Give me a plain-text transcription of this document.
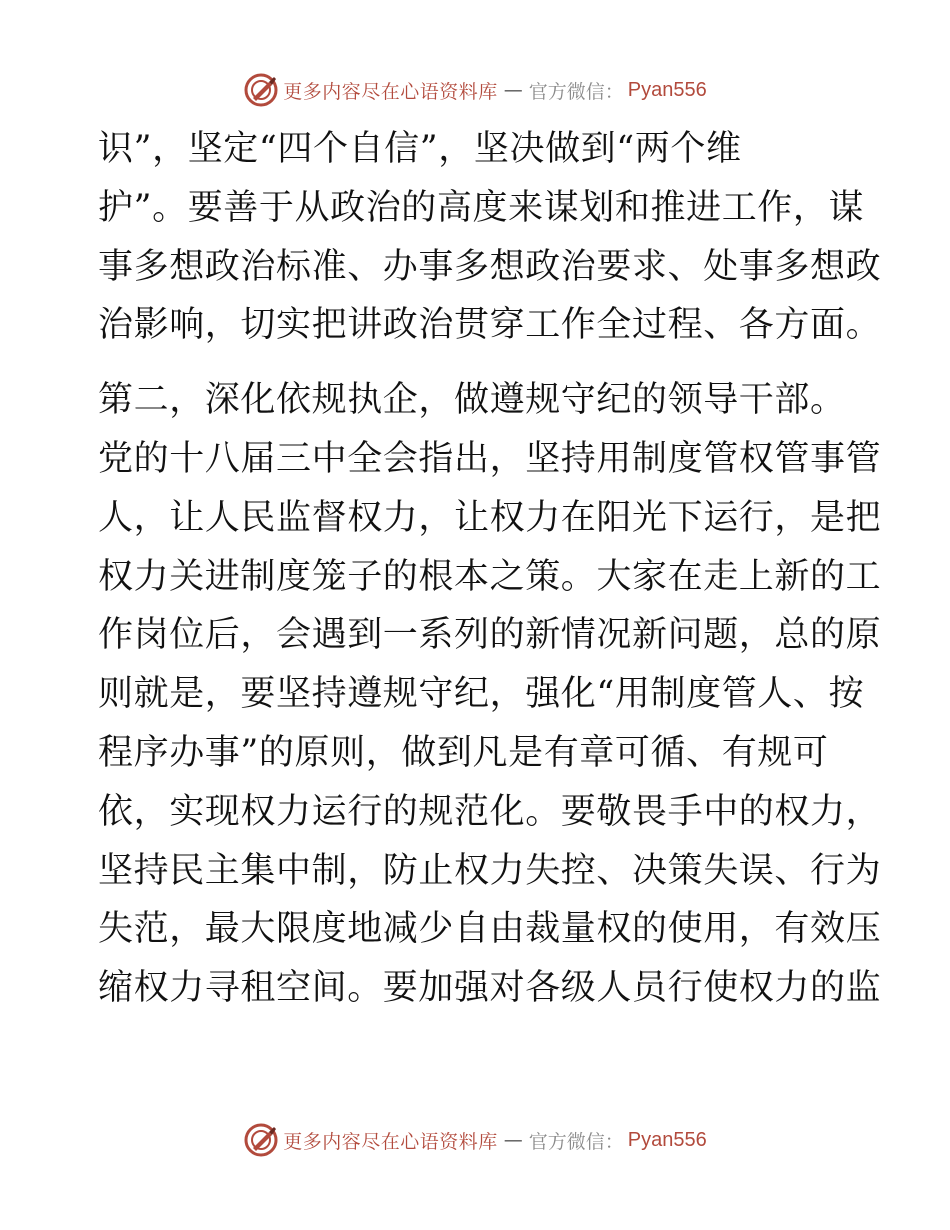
更多内容尽在心语资料库 — 官方微信： Pyan556
识”，坚定“四个自信”，坚决做到“两个维
护”。要善于从政治的高度来谋划和推进工作，谋
事多想政治标准、办事多想政治要求、处事多想政
治影响，切实把讲政治贯穿工作全过程、各方面。
第二，深化依规执企，做遵规守纪的领导干部。
党的十八届三中全会指出，坚持用制度管权管事管
人，让人民监督权力，让权力在阳光下运行，是把
权力关进制度笼子的根本之策。大家在走上新的工
作岗位后，会遇到一系列的新情况新问题，总的原
则就是，要坚持遵规守纪，强化“用制度管人、按
程序办事”的原则，做到凡是有章可循、有规可
依，实现权力运行的规范化。要敬畏手中的权力，
坚持民主集中制，防止权力失控、决策失误、行为
失范，最大限度地减少自由裁量权的使用，有效压
缩权力寻租空间。要加强对各级人员行使权力的监
更多内容尽在心语资料库 — 官方微信： Pyan556
